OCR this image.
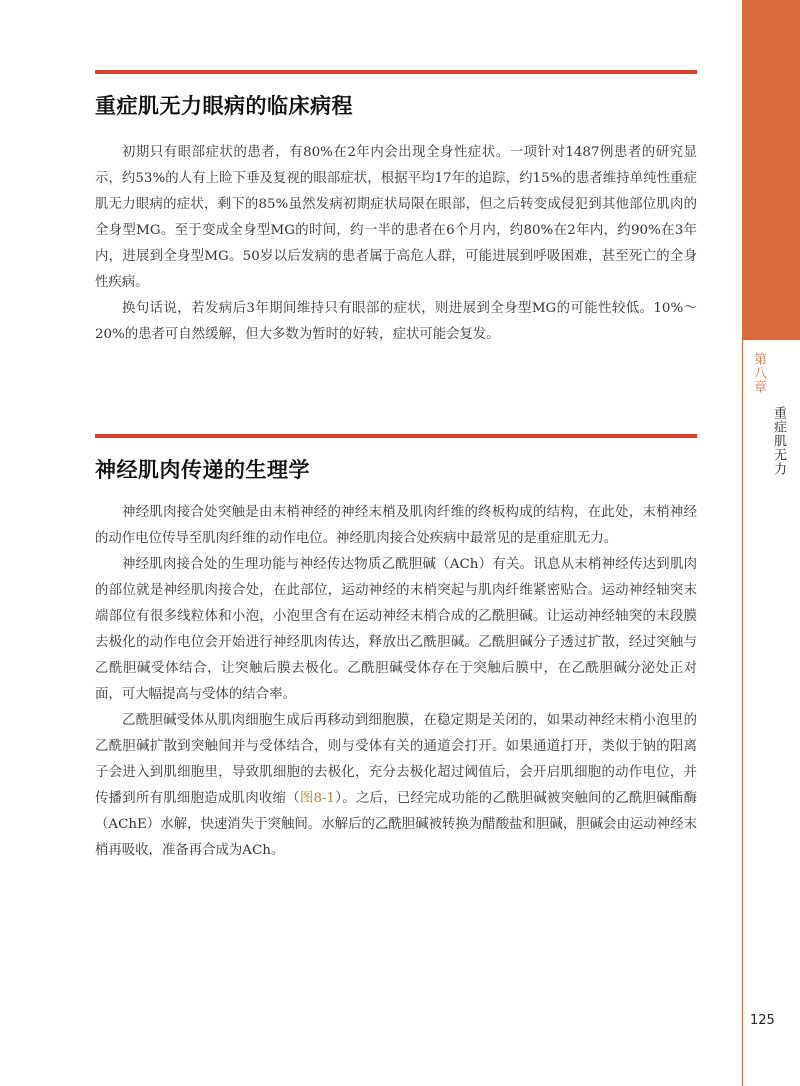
第八章
重症肌无力
125
重症肌无力眼病的临床病程

初期只有眼部症状的患者，有80%在2年内会出现全身性症状。一项针对1487例患者的研究显示，约53%的人有上睑下垂及复视的眼部症状，根据平均17年的追踪，约15%的患者维持单纯性重症肌无力眼病的症状，剩下的85%虽然发病初期症状局限在眼部，但之后转变成侵犯到其他部位肌肉的全身型MG。至于变成全身型MG的时间，约一半的患者在6个月内，约80%在2年内，约90%在3年内，进展到全身型MG。50岁以后发病的患者属于高危人群，可能进展到呼吸困难，甚至死亡的全身性疾病。

换句话说，若发病后3年期间维持只有眼部的症状，则进展到全身型MG的可能性较低。10%～20%的患者可自然缓解，但大多数为暂时的好转，症状可能会复发。

神经肌肉传递的生理学

神经肌肉接合处突触是由末梢神经的神经末梢及肌肉纤维的终板构成的结构，在此处，末梢神经的动作电位传导至肌肉纤维的动作电位。神经肌肉接合处疾病中最常见的是重症肌无力。

神经肌肉接合处的生理功能与神经传达物质乙酰胆碱（ACh）有关。讯息从末梢神经传达到肌肉的部位就是神经肌肉接合处，在此部位，运动神经的末梢突起与肌肉纤维紧密贴合。运动神经轴突末端部位有很多线粒体和小泡，小泡里含有在运动神经末梢合成的乙酰胆碱。让运动神经轴突的末段膜去极化的动作电位会开始进行神经肌肉传达，释放出乙酰胆碱。乙酰胆碱分子透过扩散，经过突触与乙酰胆碱受体结合，让突触后膜去极化。乙酰胆碱受体存在于突触后膜中，在乙酰胆碱分泌处正对面，可大幅提高与受体的结合率。

乙酰胆碱受体从肌肉细胞生成后再移动到细胞膜，在稳定期是关闭的，如果动神经末梢小泡里的乙酰胆碱扩散到突触间并与受体结合，则与受体有关的通道会打开。如果通道打开，类似于钠的阳离子会进入到肌细胞里，导致肌细胞的去极化，充分去极化超过阈值后，会开启肌细胞的动作电位，并传播到所有肌细胞造成肌肉收缩（图8-1）。之后，已经完成功能的乙酰胆碱被突触间的乙酰胆碱酯酶（AChE）水解，快速消失于突触间。水解后的乙酰胆碱被转换为醋酸盐和胆碱，胆碱会由运动神经末梢再吸收，准备再合成为ACh。
